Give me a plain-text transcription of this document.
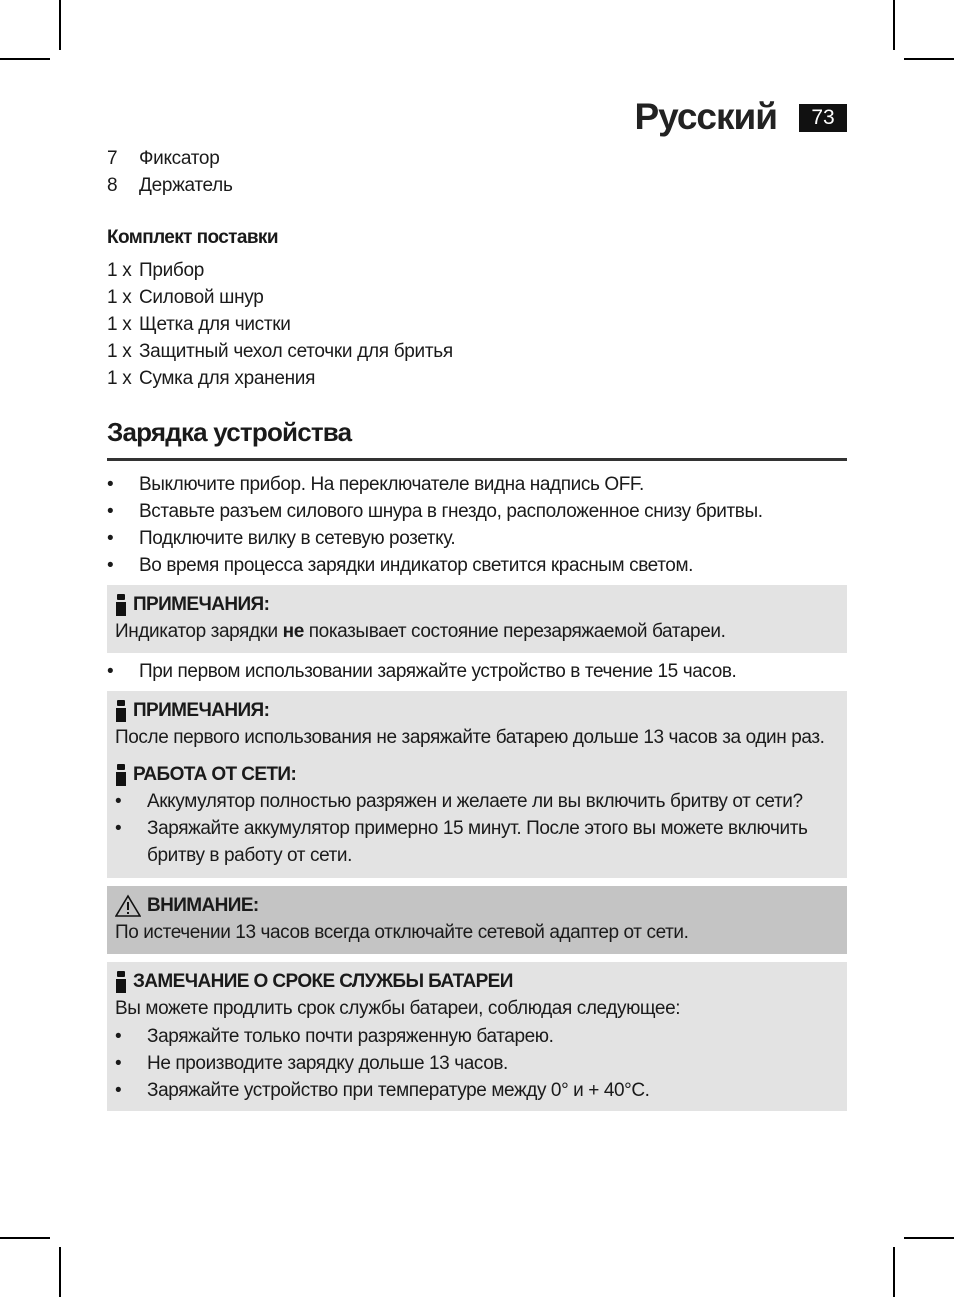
Русский	73
7	Фиксатор
8	Держатель
Комплект поставки
1 x Прибор
1 x Силовой шнур
1 x Щетка для чистки
1 x Защитный чехол сеточки для бритья
1 x Сумка для хранения
Зарядка устройства
•	Выключите прибор. На переключателе видна надпись OFF.
•	Вставьте разъем силового шнура в гнездо, расположенное снизу бритвы.
•	Подключите вилку в сетевую розетку.
•	Во время процесса зарядки индикатор светится красным светом.
ПРИМЕЧАНИЯ:
Индикатор зарядки не показывает состояние перезаряжаемой батареи.
•	При первом использовании заряжайте устройство в течение 15 часов.
ПРИМЕЧАНИЯ:
После первого использования не заряжайте батарею дольше 13 часов за один раз.
РАБОТА ОТ СЕТИ:
•	Аккумулятор полностью разряжен и желаете ли вы включить бритву от сети?
•	Заряжайте аккумулятор примерно 15 минут. После этого вы можете включить бритву в работу от сети.
ВНИМАНИЕ:
По истечении 13 часов всегда отключайте сетевой адаптер от сети.
ЗАМЕЧАНИЕ О СРОКЕ СЛУЖБЫ БАТАРЕИ
Вы можете продлить срок службы батареи, соблюдая следующее:
•	Заряжайте только почти разряженную батарею.
•	Не производите зарядку дольше 13 часов.
•	Заряжайте устройство при температуре между 0° и + 40°C.
